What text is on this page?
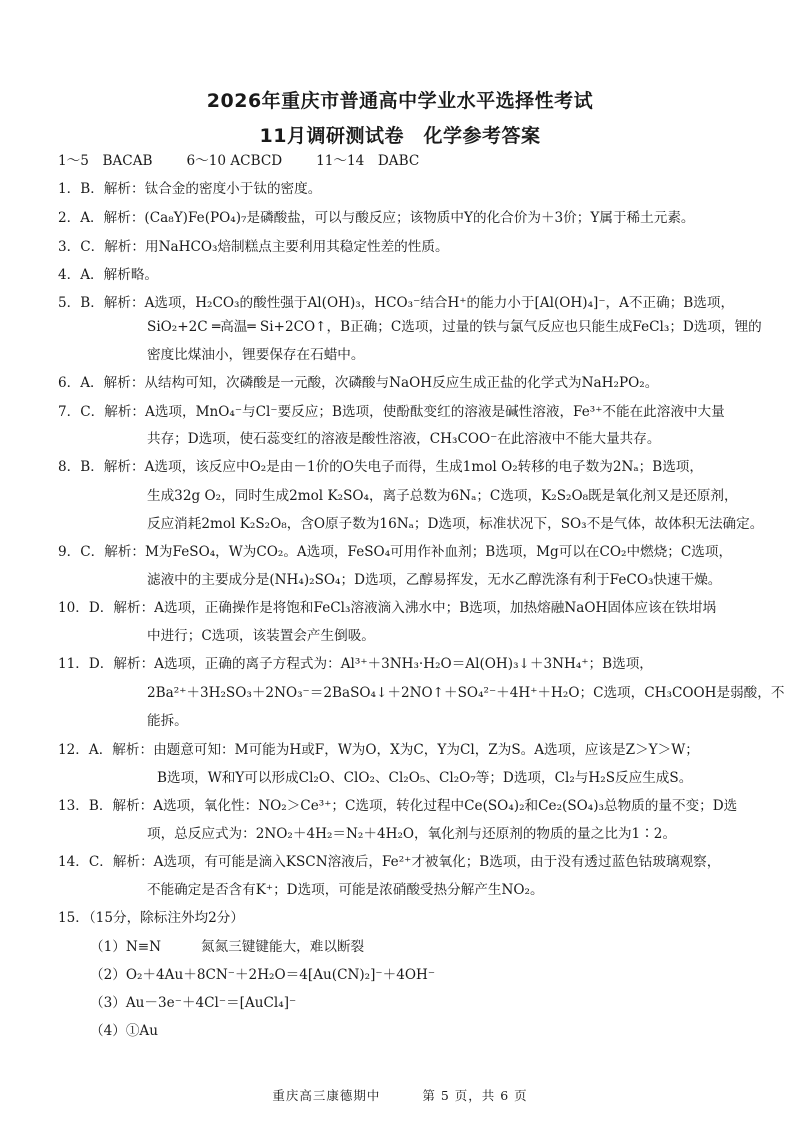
2026年重庆市普通高中学业水平选择性考试
11月调研测试卷　化学参考答案
1～5　BACAB	6～10 ACBCD	11～14　DABC
1．B．解析：钛合金的密度小于钛的密度。
2．A．解析：(Ca₈Y)Fe(PO₄)₇是磷酸盐，可以与酸反应；该物质中Y的化合价为＋3价；Y属于稀土元素。
3．C．解析：用NaHCO₃焙制糕点主要利用其稳定性差的性质。
4．A．解析略。
5．B．解析：A选项，H₂CO₃的酸性强于Al(OH)₃，HCO₃⁻结合H⁺的能力小于[Al(OH)₄]⁻，A不正确；B选项，
SiO₂+2C ═高温═ Si+2CO↑，B正确；C选项，过量的铁与氯气反应也只能生成FeCl₃；D选项，锂的
密度比煤油小，锂要保存在石蜡中。
6．A．解析：从结构可知，次磷酸是一元酸，次磷酸与NaOH反应生成正盐的化学式为NaH₂PO₂。
7．C．解析：A选项，MnO₄⁻与Cl⁻要反应；B选项，使酚酞变红的溶液是碱性溶液，Fe³⁺不能在此溶液中大量
共存；D选项，使石蕊变红的溶液是酸性溶液，CH₃COO⁻在此溶液中不能大量共存。
8．B．解析：A选项，该反应中O₂是由－1价的O失电子而得，生成1mol O₂转移的电子数为2Nₐ；B选项，
生成32g O₂，同时生成2mol K₂SO₄，离子总数为6Nₐ；C选项，K₂S₂O₈既是氧化剂又是还原剂，
反应消耗2mol K₂S₂O₈，含O原子数为16Nₐ；D选项，标准状况下，SO₃不是气体，故体积无法确定。
9．C．解析：M为FeSO₄，W为CO₂。A选项，FeSO₄可用作补血剂；B选项，Mg可以在CO₂中燃烧；C选项，
滤液中的主要成分是(NH₄)₂SO₄；D选项，乙醇易挥发，无水乙醇洗涤有利于FeCO₃快速干燥。
10．D．解析：A选项，正确操作是将饱和FeCl₃溶液滴入沸水中；B选项，加热熔融NaOH固体应该在铁坩埚
中进行；C选项，该装置会产生倒吸。
11．D．解析：A选项，正确的离子方程式为：Al³⁺＋3NH₃·H₂O＝Al(OH)₃↓＋3NH₄⁺；B选项，
2Ba²⁺＋3H₂SO₃＋2NO₃⁻＝2BaSO₄↓＋2NO↑＋SO₄²⁻＋4H⁺＋H₂O；C选项，CH₃COOH是弱酸，不
能拆。
12．A．解析：由题意可知：M可能为H或F，W为O，X为C，Y为Cl，Z为S。A选项，应该是Z＞Y＞W；
B选项，W和Y可以形成Cl₂O、ClO₂、Cl₂O₅、Cl₂O₇等；D选项，Cl₂与H₂S反应生成S。
13．B．解析：A选项，氧化性：NO₂＞Ce³⁺；C选项，转化过程中Ce(SO₄)₂和Ce₂(SO₄)₃总物质的量不变；D选
项，总反应式为：2NO₂＋4H₂＝N₂＋4H₂O，氧化剂与还原剂的物质的量之比为1∶2。
14．C．解析：A选项，有可能是滴入KSCN溶液后，Fe²⁺才被氧化；B选项，由于没有透过蓝色钴玻璃观察，
不能确定是否含有K⁺；D选项，可能是浓硝酸受热分解产生NO₂。
15．（15分，除标注外均2分）
（1）N≡N	氮氮三键键能大，难以断裂
（2）O₂＋4Au＋8CN⁻＋2H₂O＝4[Au(CN)₂]⁻＋4OH⁻
（3）Au－3e⁻＋4Cl⁻＝[AuCl₄]⁻
（4）①Au
重庆高三康德期中	第 5 页，共 6 页
